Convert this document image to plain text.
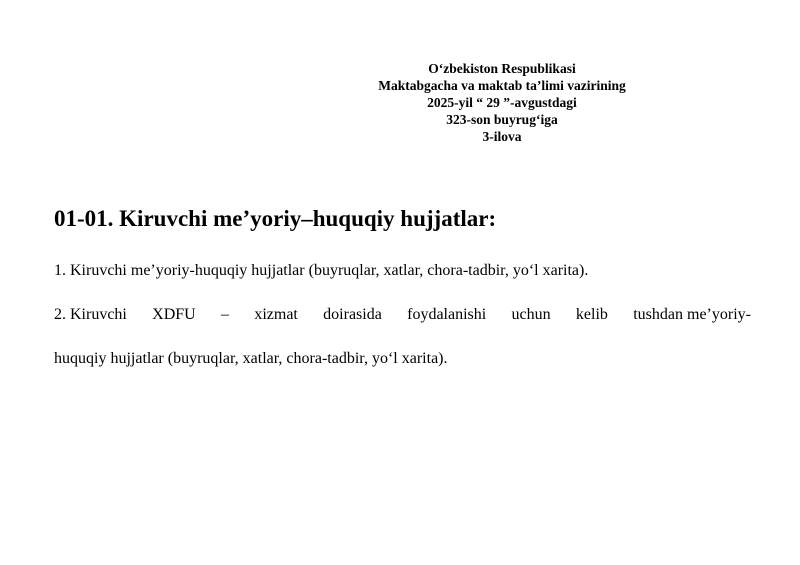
O‘zbekiston Respublikasi
Maktabgacha va maktab ta’limi vazirining
2025-yil “ 29 ”-avgustdagi
323-son buyrug‘iga
3-ilova
01-01. Kiruvchi me’yoriy–huquqiy hujjatlar:

1. Kiruvchi me’yoriy-huquqiy hujjatlar (buyruqlar, xatlar, chora-tadbir, yo‘l xarita).

2. Kiruvchi XDFU – xizmat doirasida foydalanishi uchun kelib tushdan me’yoriy-

huquqiy hujjatlar (buyruqlar, xatlar, chora-tadbir, yo‘l xarita).
